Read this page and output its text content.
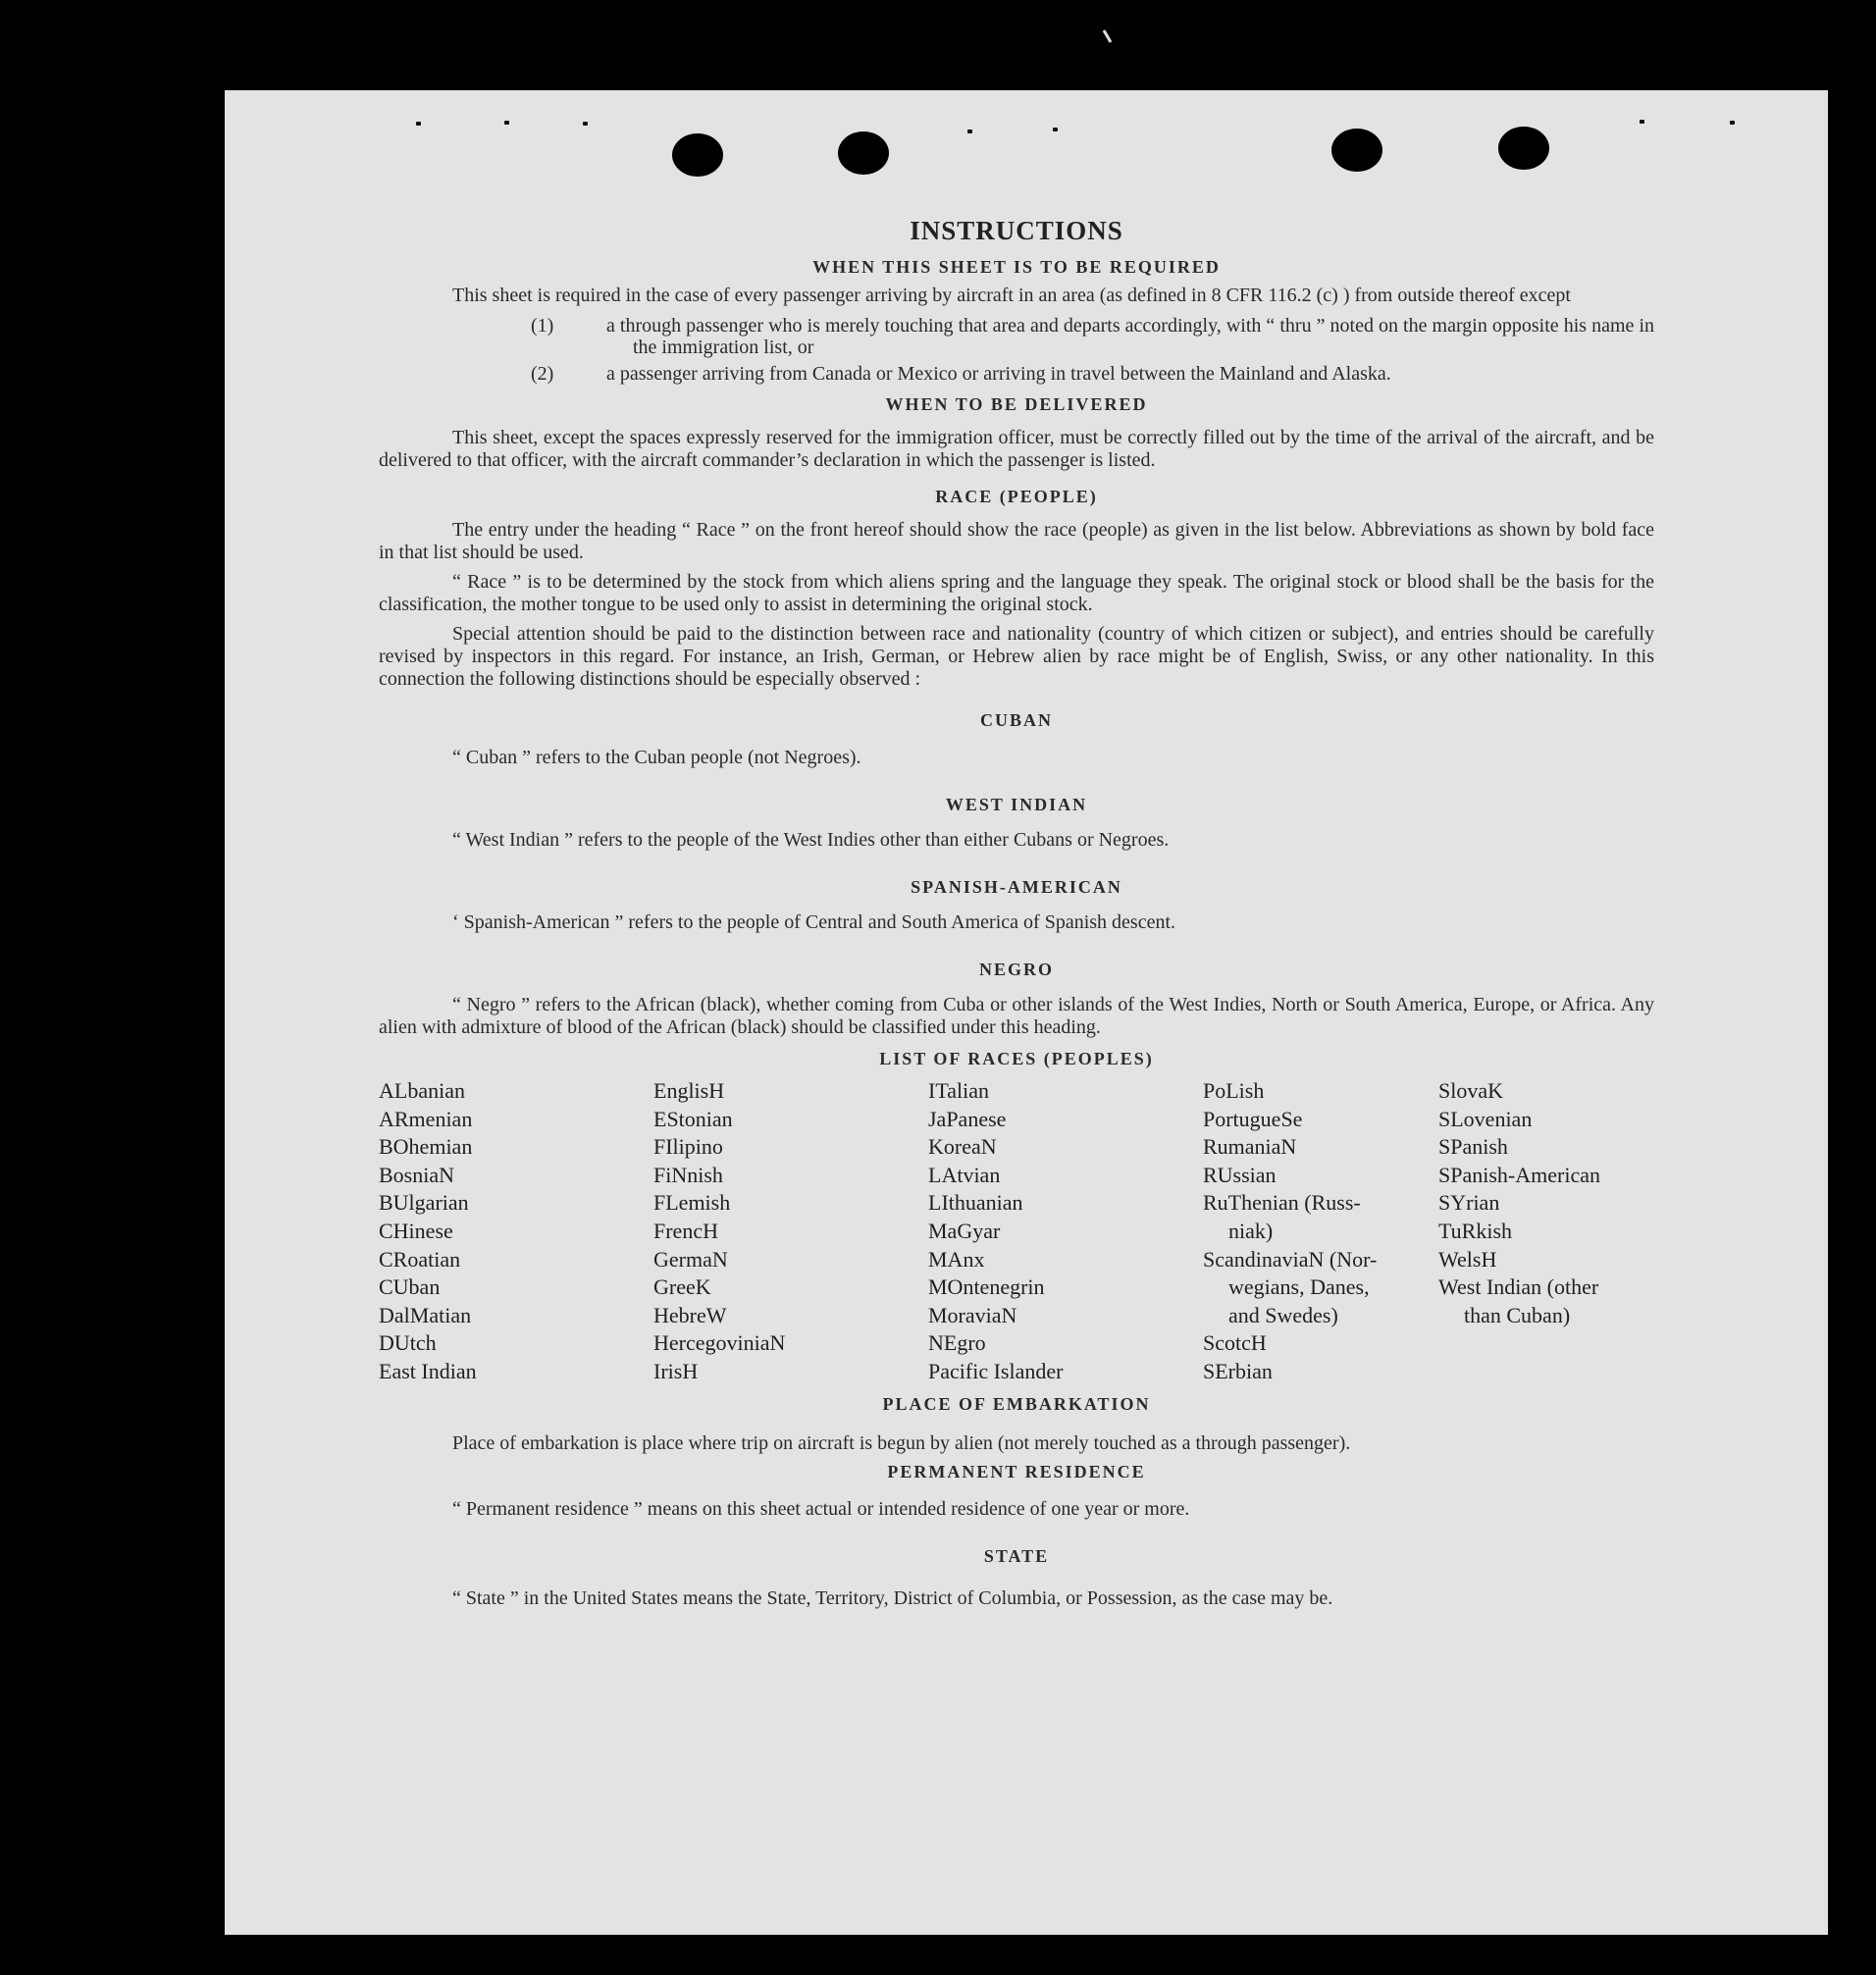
INSTRUCTIONS
WHEN THIS SHEET IS TO BE REQUIRED

This sheet is required in the case of every passenger arriving by aircraft in an area (as defined in 8 CFR 116.2 (c) ) from outside thereof except

(1)	a through passenger who is merely touching that area and departs accordingly, with “ thru ” noted on the margin opposite his name in the immigration list, or
(2)	a passenger arriving from Canada or Mexico or arriving in travel between the Mainland and Alaska.
WHEN TO BE DELIVERED

This sheet, except the spaces expressly reserved for the immigration officer, must be correctly filled out by the time of the arrival of the aircraft, and be delivered to that officer, with the aircraft commander’s declaration in which the passenger is listed.

RACE (PEOPLE)

The entry under the heading “ Race ” on the front hereof should show the race (people) as given in the list below. Abbreviations as shown by bold face in that list should be used.

“ Race ” is to be determined by the stock from which aliens spring and the language they speak. The original stock or blood shall be the basis for the classification, the mother tongue to be used only to assist in determining the original stock.

Special attention should be paid to the distinction between race and nationality (country of which citizen or subject), and entries should be carefully revised by inspectors in this regard. For instance, an Irish, German, or Hebrew alien by race might be of English, Swiss, or any other nationality. In this connection the following distinctions should be especially observed :

CUBAN

“ Cuban ” refers to the Cuban people (not Negroes).

WEST INDIAN

“ West Indian ” refers to the people of the West Indies other than either Cubans or Negroes.

SPANISH-AMERICAN

‘ Spanish-American ” refers to the people of Central and South America of Spanish descent.

NEGRO

“ Negro ” refers to the African (black), whether coming from Cuba or other islands of the West Indies, North or South America, Europe, or Africa. Any alien with admixture of blood of the African (black) should be classified under this heading.

LIST OF RACES (PEOPLES)
ALbanian
ARmenian
BOhemian
BosniaN
BUlgarian
CHinese
CRoatian
CUban
DalMatian
DUtch
East Indian
EnglisH
EStonian
FIlipino
FiNnish
FLemish
FrencH
GermaN
GreeK
HebreW
HercegoviniaN
IrisH
ITalian
JaPanese
KoreaN
LAtvian
LIthuanian
MaGyar
MAnx
MOntenegrin
MoraviaN
NEgro
Pacific Islander
PoLish
PortugueSe
RumaniaN
RUssian
RuThenian (Russ-
niak)
ScandinaviaN (Nor-
wegians, Danes,
and Swedes)
ScotcH
SErbian
SlovaK
SLovenian
SPanish
SPanish-American
SYrian
TuRkish
WelsH
West Indian (other
than Cuban)
PLACE OF EMBARKATION

Place of embarkation is place where trip on aircraft is begun by alien (not merely touched as a through passenger).

PERMANENT RESIDENCE

“ Permanent residence ” means on this sheet actual or intended residence of one year or more.

STATE

“ State ” in the United States means the State, Territory, District of Columbia, or Possession, as the case may be.
